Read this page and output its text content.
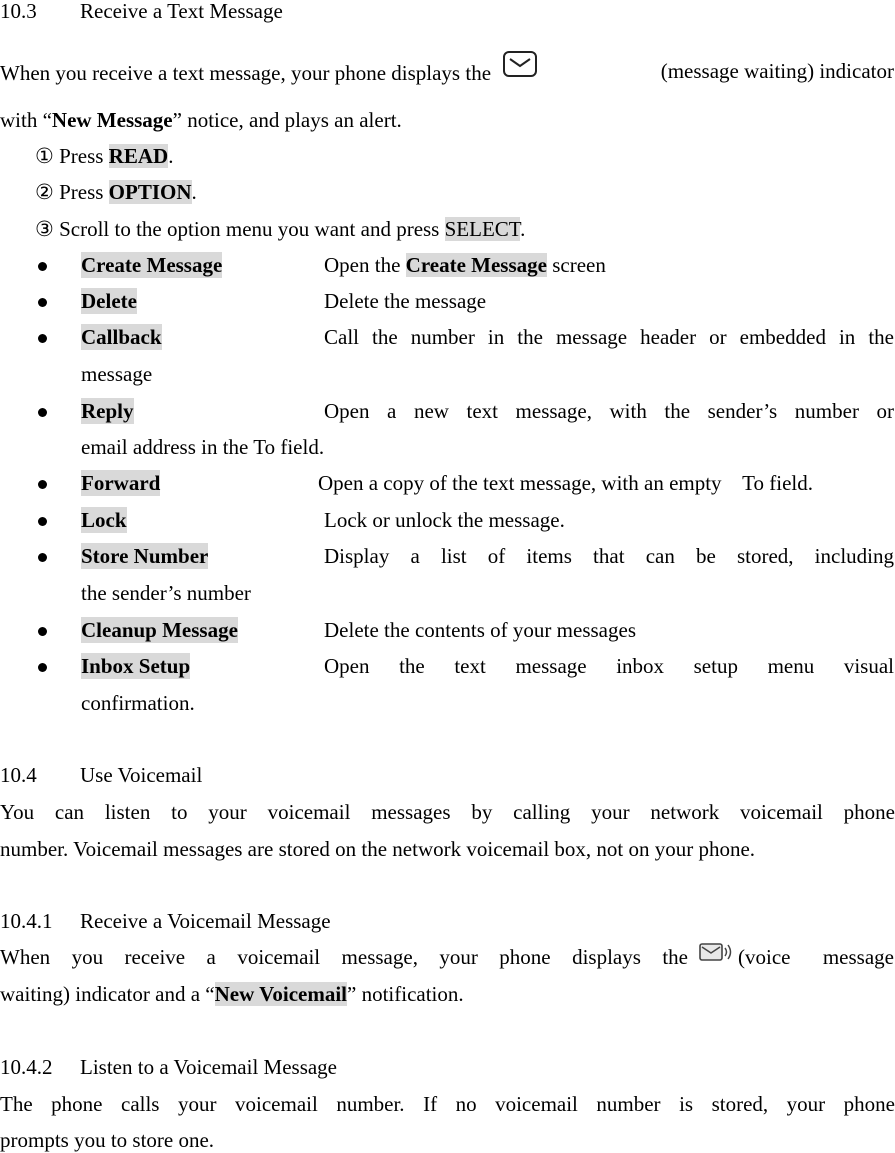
10.3 Receive a Text Message
When you receive a text message, your phone displays the	(message waiting) indicator
with “New Message” notice, and plays an alert.
① Press READ.
② Press OPTION.
③ Scroll to the option menu you want and press SELECT.
Create Message	Open the Create Message screen
Delete	Delete the message
Callback	Call the number in the message header or embedded in the
message
Reply	Open a new text message, with the sender’s number or
email address in the To field.
Forward	Open a copy of the text message, with an empty    To field.
Lock	Lock or unlock the message.
Store Number	Display a list of items that can be stored, including
the sender’s number
Cleanup Message	Delete the contents of your messages
Inbox Setup	Open the text message inbox setup menu visual
confirmation.
10.4 Use Voicemail
You can listen to your voicemail messages by calling your network voicemail phone
number. Voicemail messages are stored on the network voicemail box, not on your phone.
10.4.1 Receive a Voicemail Message
When you receive a voicemail message, your phone displays the (voice message
waiting) indicator and a “New Voicemail” notification.
10.4.2 Listen to a Voicemail Message
The phone calls your voicemail number. If no voicemail number is stored, your phone
prompts you to store one.
